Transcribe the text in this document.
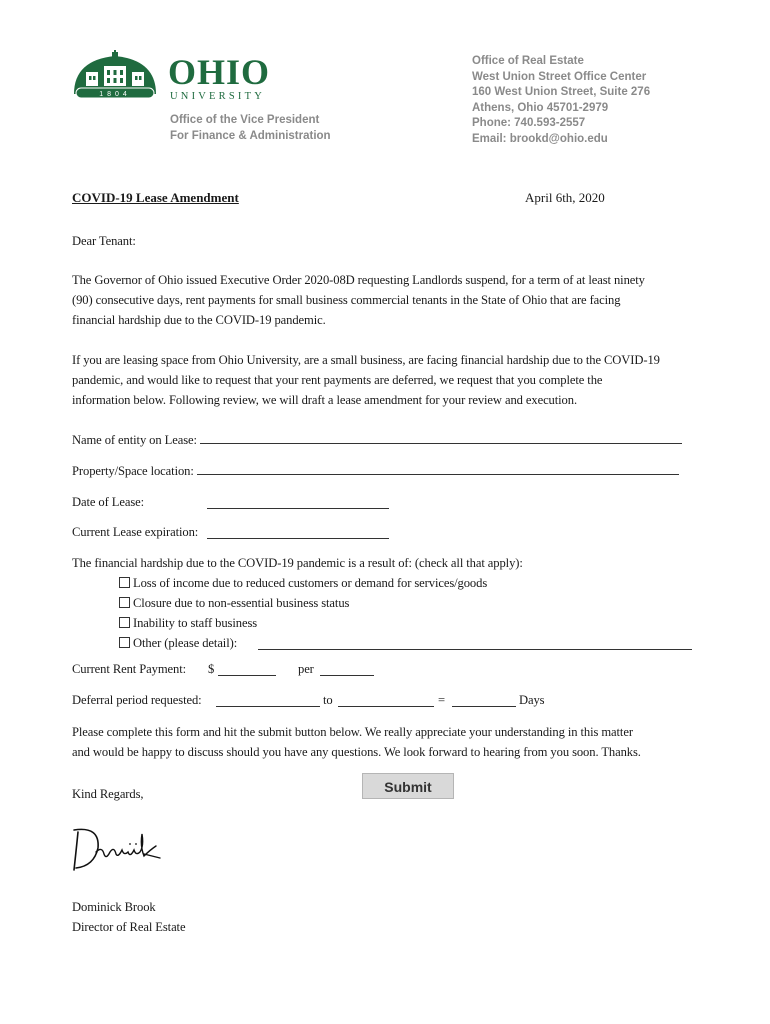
1804
OHIO
UNIVERSITY
Office of the Vice President
For Finance & Administration
Office of Real Estate
West Union Street Office Center
160 West Union Street, Suite 276
Athens, Ohio 45701-2979
Phone: 740.593-2557
Email: brookd@ohio.edu
COVID-19 Lease Amendment	April 6th, 2020
Dear Tenant:
The Governor of Ohio issued Executive Order 2020-08D requesting Landlords suspend, for a term of at least ninety
(90) consecutive days, rent payments for small business commercial tenants in the State of Ohio that are facing
financial hardship due to the COVID-19 pandemic.
If you are leasing space from Ohio University, are a small business, are facing financial hardship due to the COVID-19
pandemic, and would like to request that your rent payments are deferred, we request that you complete the
information below. Following review, we will draft a lease amendment for your review and execution.
Name of entity on Lease:
Property/Space location:
Date of Lease:
Current Lease expiration:
The financial hardship due to the COVID-19 pandemic is a result of: (check all that apply):
Loss of income due to reduced customers or demand for services/goods
Closure due to non-essential business status
Inability to staff business
Other (please detail):
Current Rent Payment: $	per
Deferral period requested:	to	=	Days
Please complete this form and hit the submit button below. We really appreciate your understanding in this matter
and would be happy to discuss should you have any questions. We look forward to hearing from you soon. Thanks.
Submit
Kind Regards,
Dominick Brook
Director of Real Estate
